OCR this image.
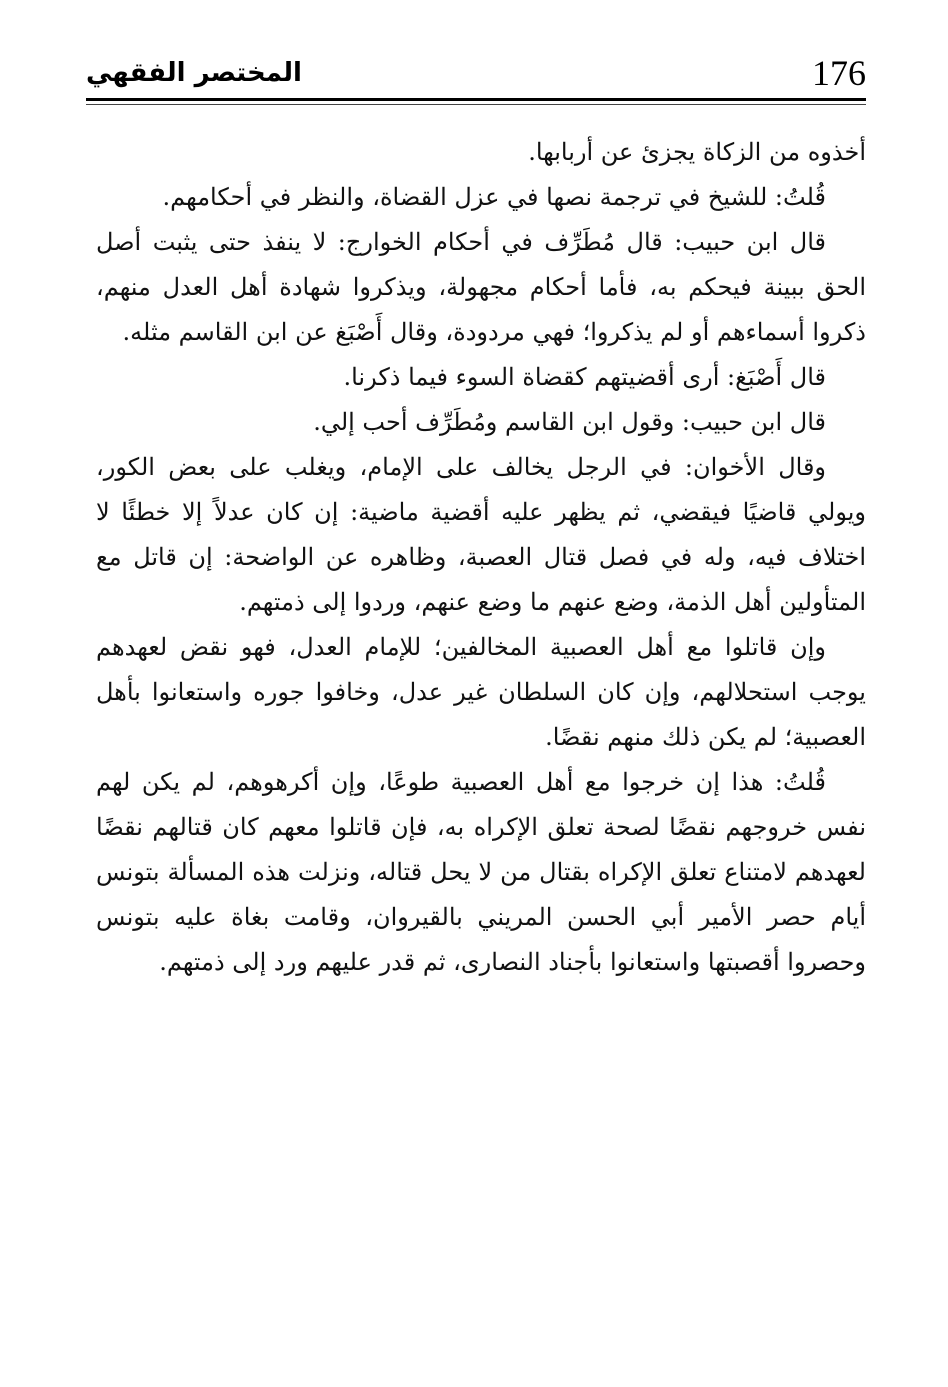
المختصر الفقهي	176

أخذوه من الزكاة يجزئ عن أربابها.

قُلتُ: للشيخ في ترجمة نصها في عزل القضاة، والنظر في أحكامهم.

قال ابن حبيب: قال مُطَرِّف في أحكام الخوارج: لا ينفذ حتى يثبت أصل الحق ببينة فيحكم به، فأما أحكام مجهولة، ويذكروا شهادة أهل العدل منهم، ذكروا أسماءهم أو لم يذكروا؛ فهي مردودة، وقال أَصْبَغ عن ابن القاسم مثله.

قال أَصْبَغ: أرى أقضيتهم كقضاة السوء فيما ذكرنا.

قال ابن حبيب: وقول ابن القاسم ومُطَرِّف أحب إلي.

وقال الأخوان: في الرجل يخالف على الإمام، ويغلب على بعض الكور، ويولي قاضيًا فيقضي، ثم يظهر عليه أقضية ماضية: إن كان عدلاً إلا خطئًا لا اختلاف فيه، وله في فصل قتال العصبة، وظاهره عن الواضحة: إن قاتل مع المتأولين أهل الذمة، وضع عنهم ما وضع عنهم، وردوا إلى ذمتهم.

وإن قاتلوا مع أهل العصبية المخالفين؛ للإمام العدل، فهو نقض لعهدهم يوجب استحلالهم، وإن كان السلطان غير عدل، وخافوا جوره واستعانوا بأهل العصبية؛ لم يكن ذلك منهم نقضًا.

قُلتُ: هذا إن خرجوا مع أهل العصبية طوعًا، وإن أكرهوهم، لم يكن لهم نفس خروجهم نقضًا لصحة تعلق الإكراه به، فإن قاتلوا معهم كان قتالهم نقضًا لعهدهم لامتناع تعلق الإكراه بقتال من لا يحل قتاله، ونزلت هذه المسألة بتونس أيام حصر الأمير أبي الحسن المريني بالقيروان، وقامت بغاة عليه بتونس وحصروا أقصبتها واستعانوا بأجناد النصارى، ثم قدر عليهم ورد إلى ذمتهم.
